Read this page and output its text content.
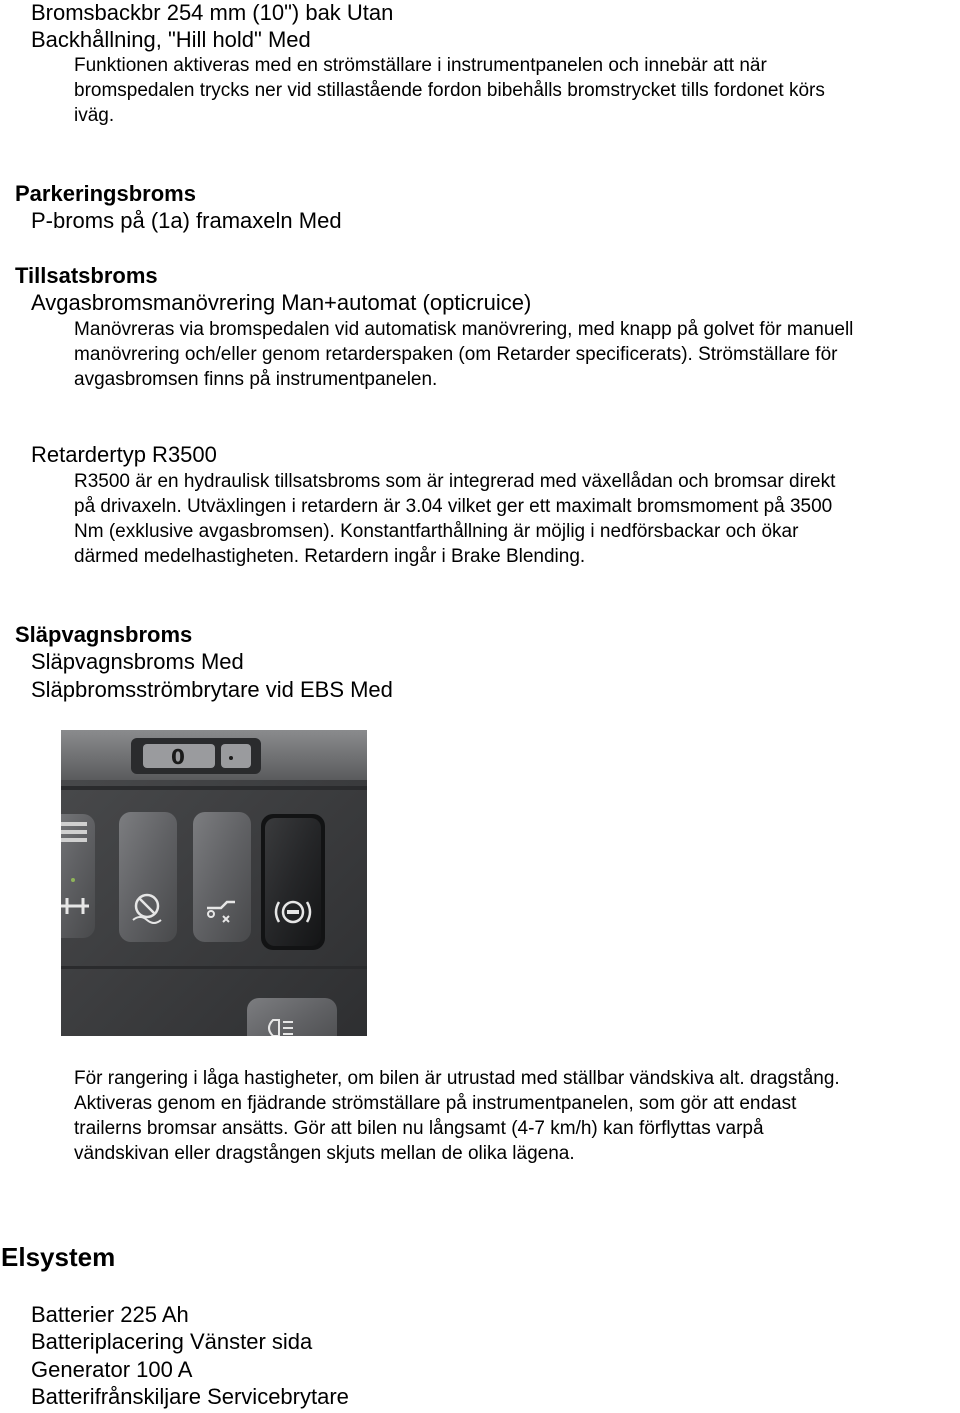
Bromsbackbr 254 mm (10") bak Utan
Backhållning, "Hill hold" Med
Funktionen aktiveras med en strömställare i instrumentpanelen och innebär att när
bromspedalen trycks ner vid stillastående fordon bibehålls bromstrycket tills fordonet körs
iväg.
Parkeringsbroms
P-broms på (1a) framaxeln Med
Tillsatsbroms
Avgasbromsmanövrering Man+automat (opticruice)
Manövreras via bromspedalen vid automatisk manövrering, med knapp på golvet för manuell
manövrering och/eller genom retarderspaken (om Retarder specificerats). Strömställare för
avgasbromsen finns på instrumentpanelen.
Retardertyp R3500
R3500 är en hydraulisk tillsatsbroms som är integrerad med växellådan och bromsar direkt
på drivaxeln. Utväxlingen i retardern är 3.04 vilket ger ett maximalt bromsmoment på 3500
Nm (exklusive avgasbromsen). Konstantfarthållning är möjlig i nedförsbackar och ökar
därmed medelhastigheten. Retardern ingår i Brake Blending.
Släpvagnsbroms
Släpvagnsbroms Med
Släpbromsströmbrytare vid EBS Med
0
För rangering i låga hastigheter, om bilen är utrustad med ställbar vändskiva alt. dragstång.
Aktiveras genom en fjädrande strömställare på instrumentpanelen, som gör att endast
trailerns bromsar ansätts. Gör att bilen nu långsamt (4-7 km/h) kan förflyttas varpå
vändskivan eller dragstången skjuts mellan de olika lägena.
Elsystem
Batterier 225 Ah
Batteriplacering Vänster sida
Generator 100 A
Batterifrånskiljare Servicebrytare
